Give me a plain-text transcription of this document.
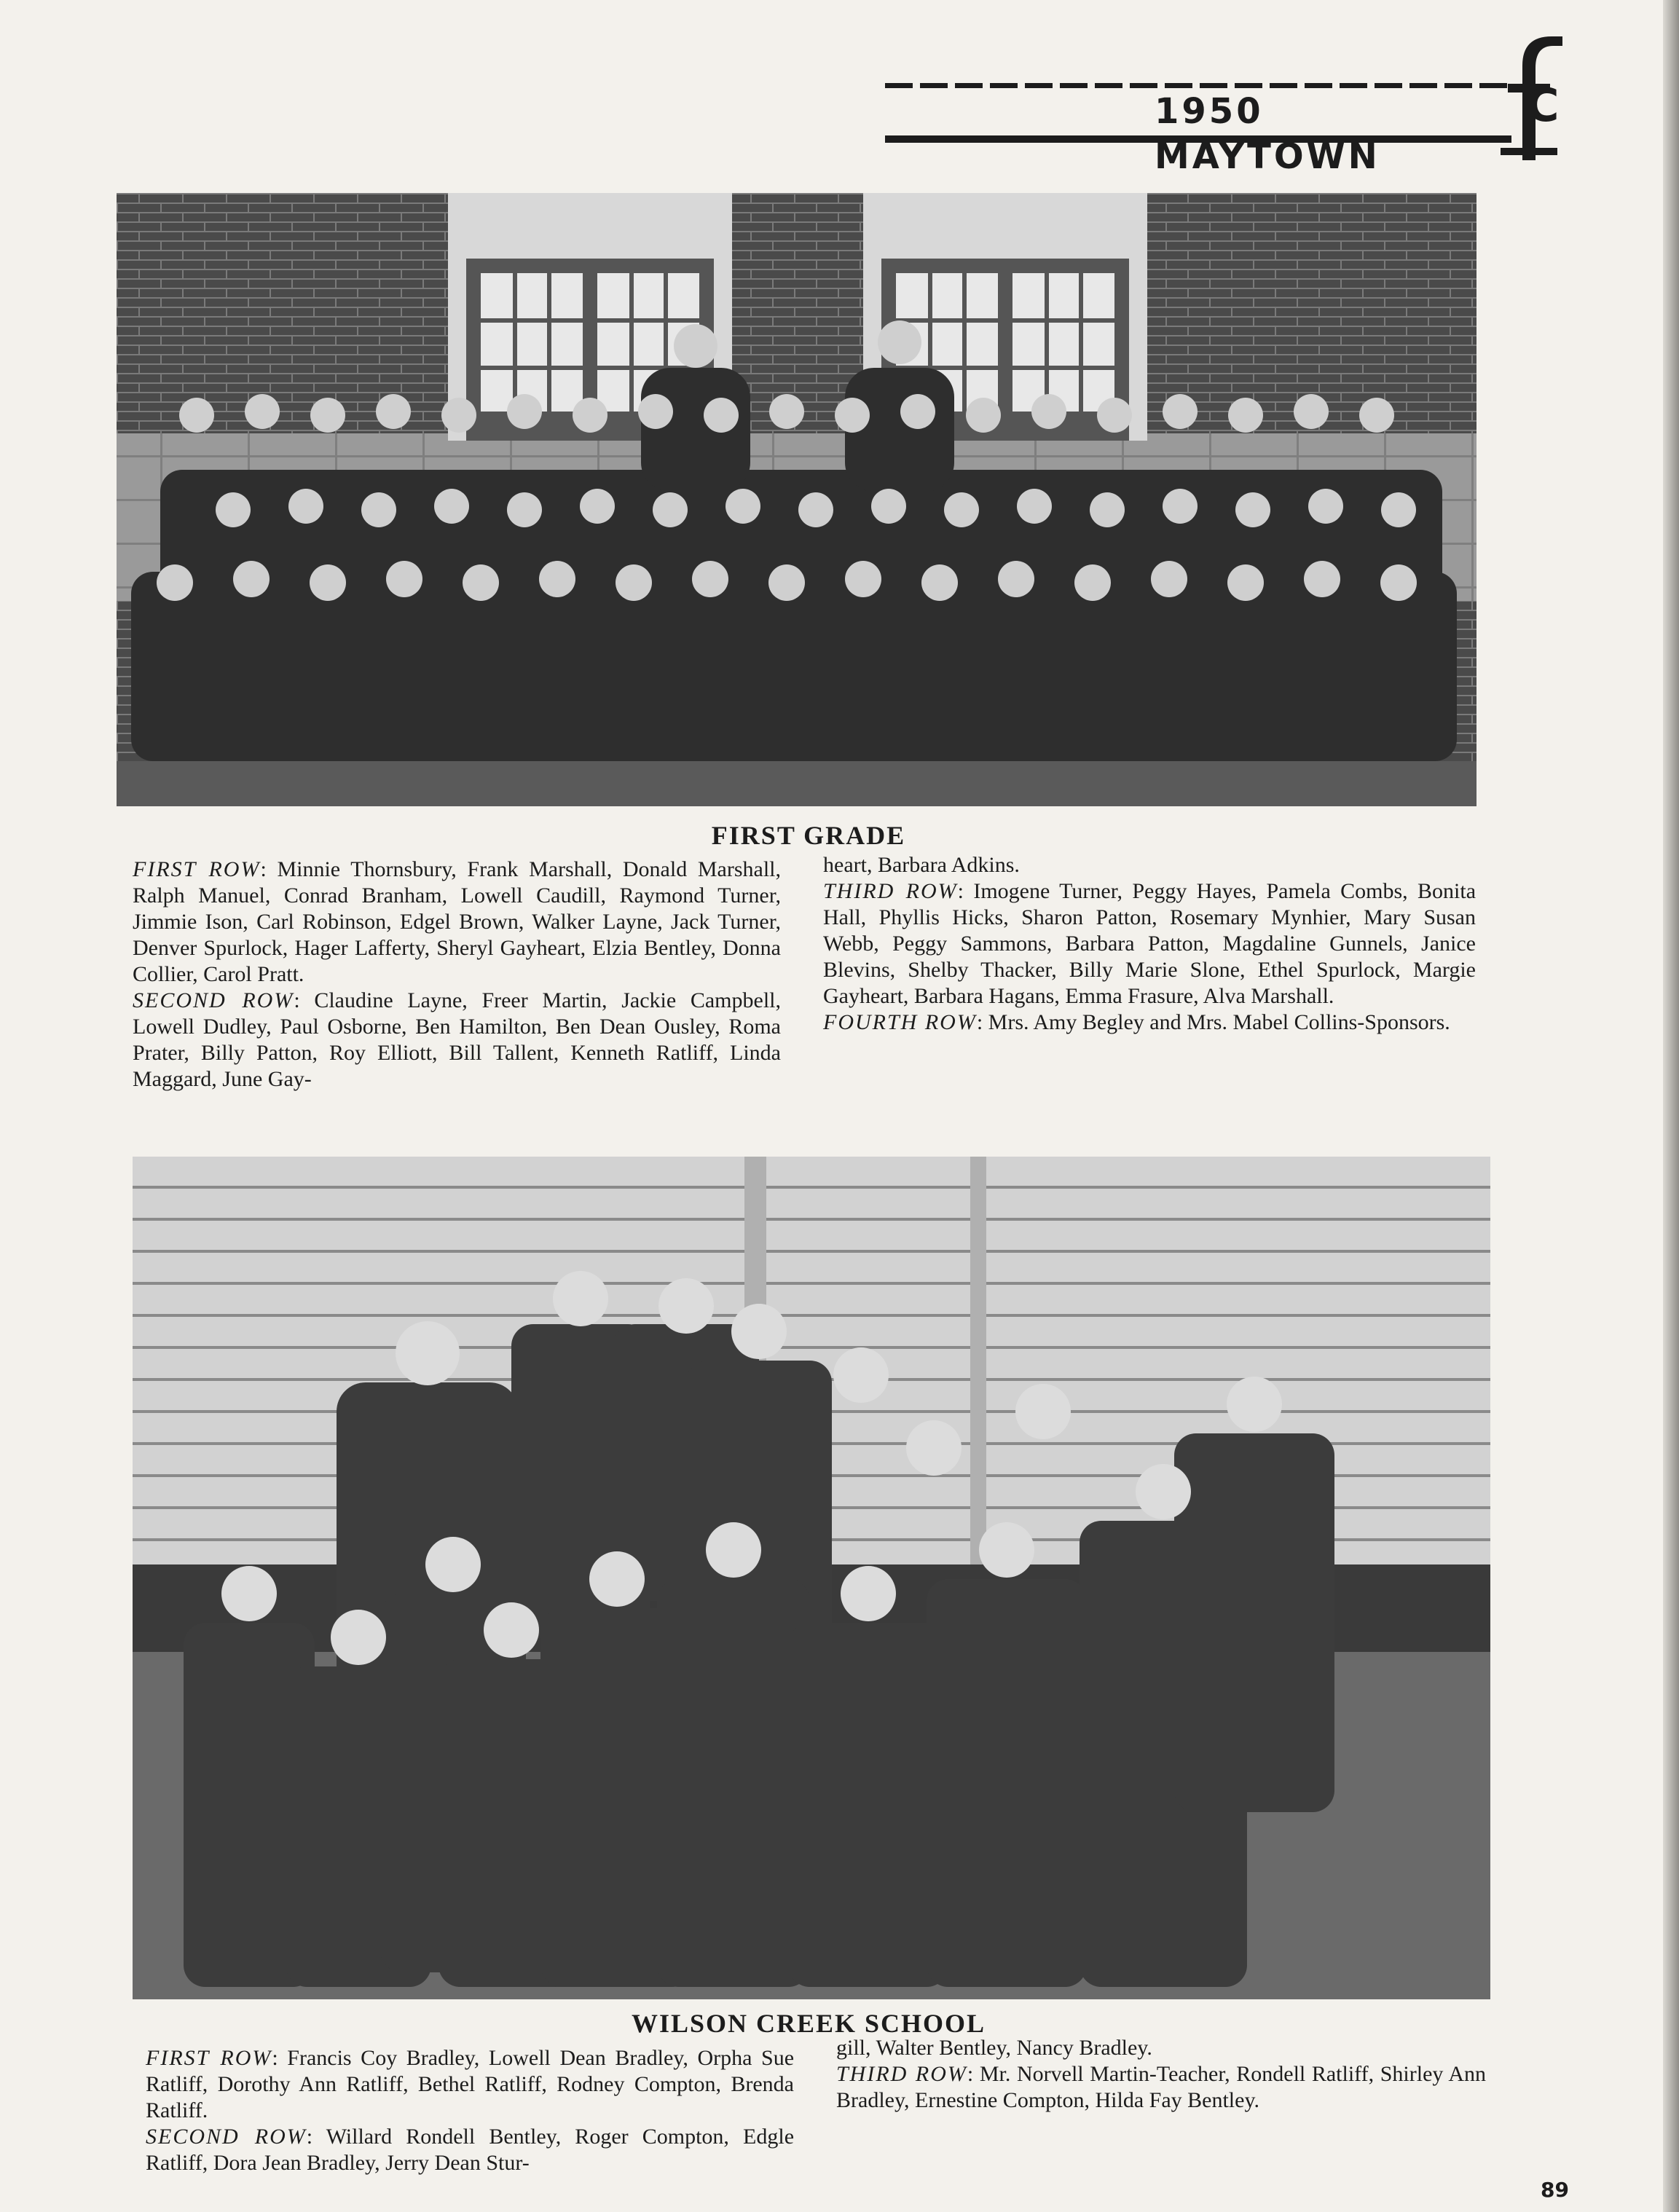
1950 MAYTOWN
C
FIRST GRADE

FIRST ROW: Minnie Thornsbury, Frank Marshall, Donald Marshall, Ralph Manuel, Conrad Branham, Lowell Caudill, Raymond Turner, Jimmie Ison, Carl Robinson, Edgel Brown, Walker Layne, Jack Turner, Denver Spurlock, Hager Lafferty, Sheryl Gayheart, Elzia Bentley, Donna Collier, Carol Pratt.

SECOND ROW: Claudine Layne, Freer Martin, Jackie Campbell, Lowell Dudley, Paul Osborne, Ben Hamilton, Ben Dean Ousley, Roma Prater, Billy Patton, Roy Elliott, Bill Tallent, Kenneth Ratliff, Linda Maggard, June Gay-

heart, Barbara Adkins.

THIRD ROW: Imogene Turner, Peggy Hayes, Pamela Combs, Bonita Hall, Phyllis Hicks, Sharon Patton, Rosemary Mynhier, Mary Susan Webb, Peggy Sammons, Barbara Patton, Magdaline Gunnels, Janice Blevins, Shelby Thacker, Billy Marie Slone, Ethel Spurlock, Margie Gayheart, Barbara Hagans, Emma Frasure, Alva Marshall.

FOURTH ROW: Mrs. Amy Begley and Mrs. Mabel Collins-Sponsors.

WILSON CREEK SCHOOL

FIRST ROW: Francis Coy Bradley, Lowell Dean Bradley, Orpha Sue Ratliff, Dorothy Ann Ratliff, Bethel Ratliff, Rodney Compton, Brenda Ratliff.

SECOND ROW: Willard Rondell Bentley, Roger Compton, Edgle Ratliff, Dora Jean Bradley, Jerry Dean Stur-

gill, Walter Bentley, Nancy Bradley.

THIRD ROW: Mr. Norvell Martin-Teacher, Rondell Ratliff, Shirley Ann Bradley, Ernestine Compton, Hilda Fay Bentley.

89
